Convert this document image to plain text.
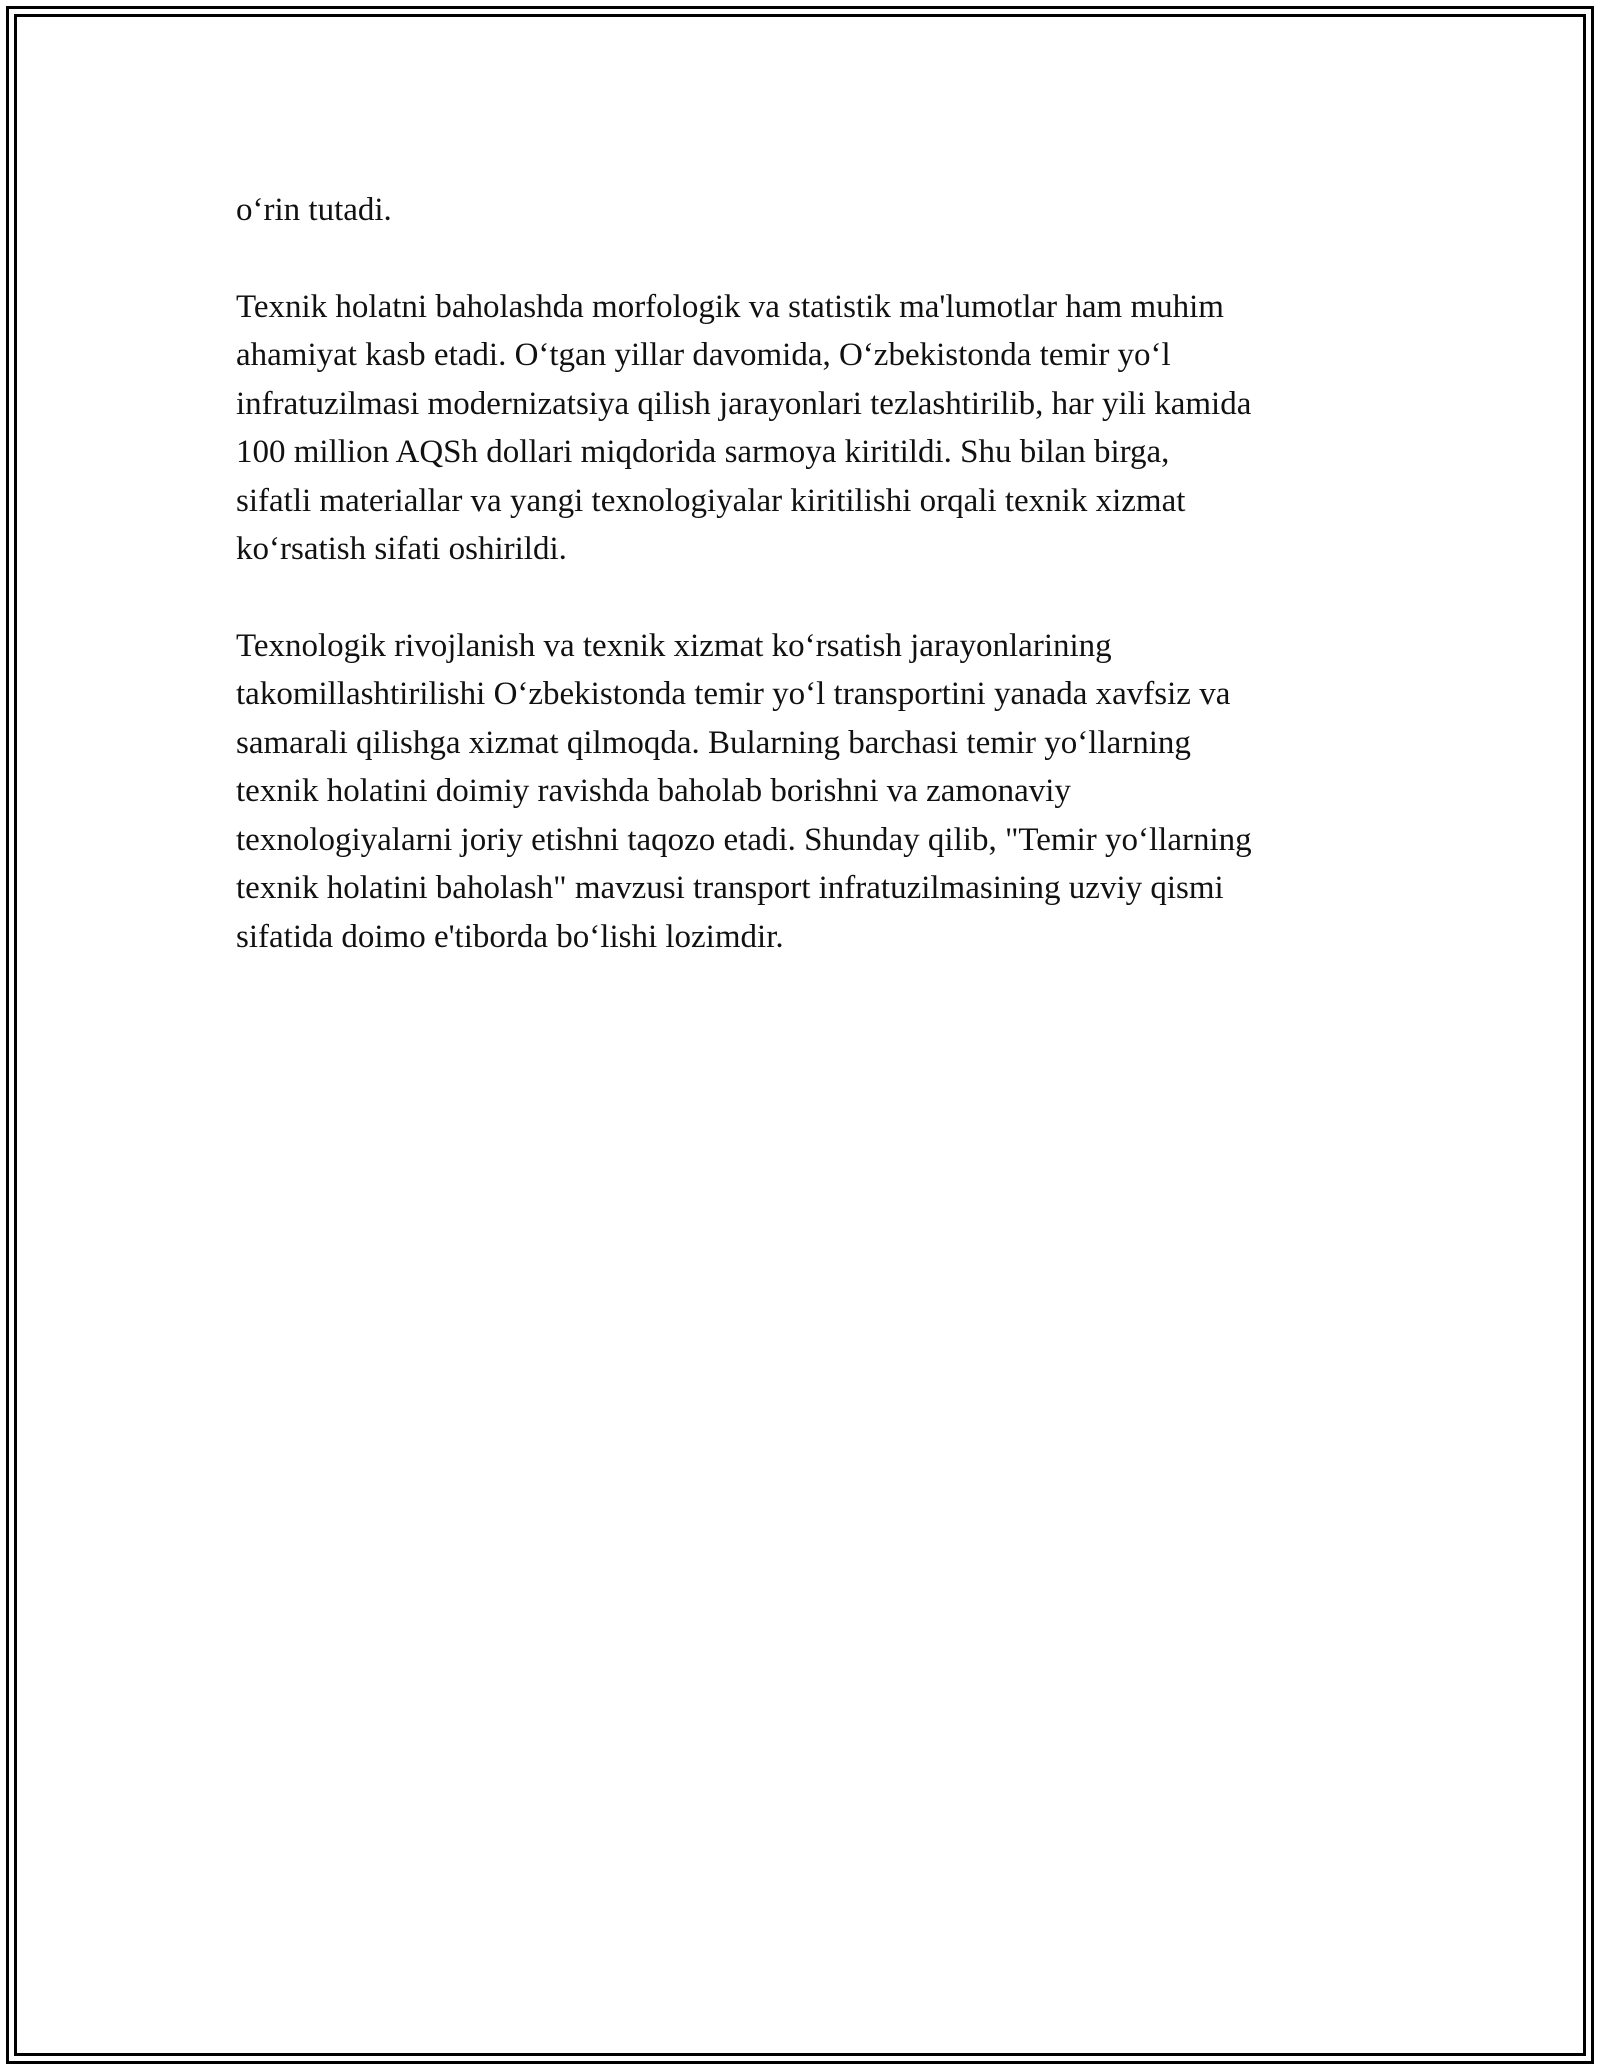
o‘rin tutadi.

Texnik holatni baholashda morfologik va statistik ma'lumotlar ham muhim
ahamiyat kasb etadi. O‘tgan yillar davomida, O‘zbekistonda temir yo‘l
infratuzilmasi modernizatsiya qilish jarayonlari tezlashtirilib, har yili kamida
100 million AQSh dollari miqdorida sarmoya kiritildi. Shu bilan birga,
sifatli materiallar va yangi texnologiyalar kiritilishi orqali texnik xizmat
ko‘rsatish sifati oshirildi.

Texnologik rivojlanish va texnik xizmat ko‘rsatish jarayonlarining
takomillashtirilishi O‘zbekistonda temir yo‘l transportini yanada xavfsiz va
samarali qilishga xizmat qilmoqda. Bularning barchasi temir yo‘llarning
texnik holatini doimiy ravishda baholab borishni va zamonaviy
texnologiyalarni joriy etishni taqozo etadi. Shunday qilib, "Temir yo‘llarning
texnik holatini baholash" mavzusi transport infratuzilmasining uzviy qismi
sifatida doimo e'tiborda bo‘lishi lozimdir.
